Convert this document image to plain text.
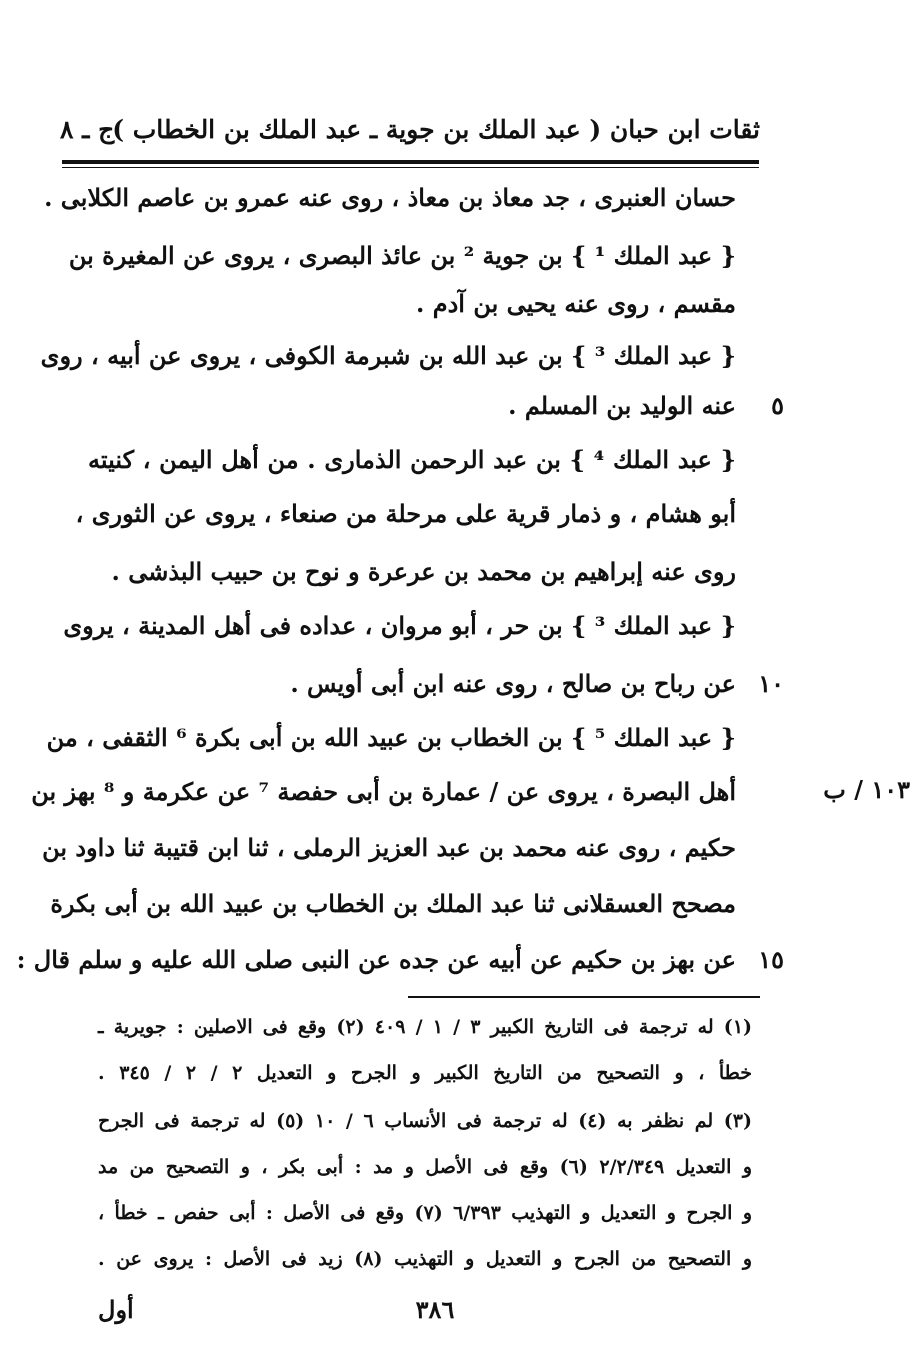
ثقات ابن حبان ( عبد الملك بن جوية ـ عبد الملك بن الخطاب )
ج ـ ٨
حسان العنبرى ، جد معاذ بن معاذ ، روى عنه عمرو بن عاصم الكلابى .
{ عبد الملك ¹ } بن جوية ² بن عائذ البصرى ، يروى عن المغيرة بن
مقسم ، روى عنه يحيى بن آدم .
{ عبد الملك ³ } بن عبد الله بن شبرمة الكوفى ، يروى عن أبيه ، روى
عنه الوليد بن المسلم .
{ عبد الملك ⁴ } بن عبد الرحمن الذمارى . من أهل اليمن ، كنيته
أبو هشام ، و ذمار قرية على مرحلة من صنعاء ، يروى عن الثورى ،
روى عنه إبراهيم بن محمد بن عرعرة و نوح بن حبيب البذشى .
{ عبد الملك ³ } بن حر ، أبو مروان ، عداده فى أهل المدينة ، يروى
عن رباح بن صالح ، روى عنه ابن أبى أويس .
{ عبد الملك ⁵ } بن الخطاب بن عبيد الله بن أبى بكرة ⁶ الثقفى ، من
أهل البصرة ، يروى عن / عمارة بن أبى حفصة ⁷ عن عكرمة و ⁸ بهز بن
حكيم ، روى عنه محمد بن عبد العزيز الرملى ، ثنا ابن قتيبة ثنا داود بن
مصحح العسقلانى ثنا عبد الملك بن الخطاب بن عبيد الله بن أبى بكرة
عن بهز بن حكيم عن أبيه عن جده عن النبى صلى الله عليه و سلم قال :
٥
١٠
١٥
١٠٣ / ب
(١) له ترجمة فى التاريخ الكبير ٣ / ١ / ٤٠٩ (٢) وقع فى الاصلين : جويرية ـ
خطأ ، و التصحيح من التاريخ الكبير و الجرح و التعديل ٢ / ٢ / ٣٤٥ .
(٣) لم نظفر به (٤) له ترجمة فى الأنساب ٦ / ١٠ (٥) له ترجمة فى الجرح
و التعديل ٢/٢/٣٤٩ (٦) وقع فى الأصل و مد : أبى بكر ، و التصحيح من مد
و الجرح و التعديل و التهذيب ٦/٣٩٣ (٧) وقع فى الأصل : أبى حفص ـ خطأ ،
و التصحيح من الجرح و التعديل و التهذيب (٨) زيد فى الأصل : يروى عن .
٣٨٦
أول
